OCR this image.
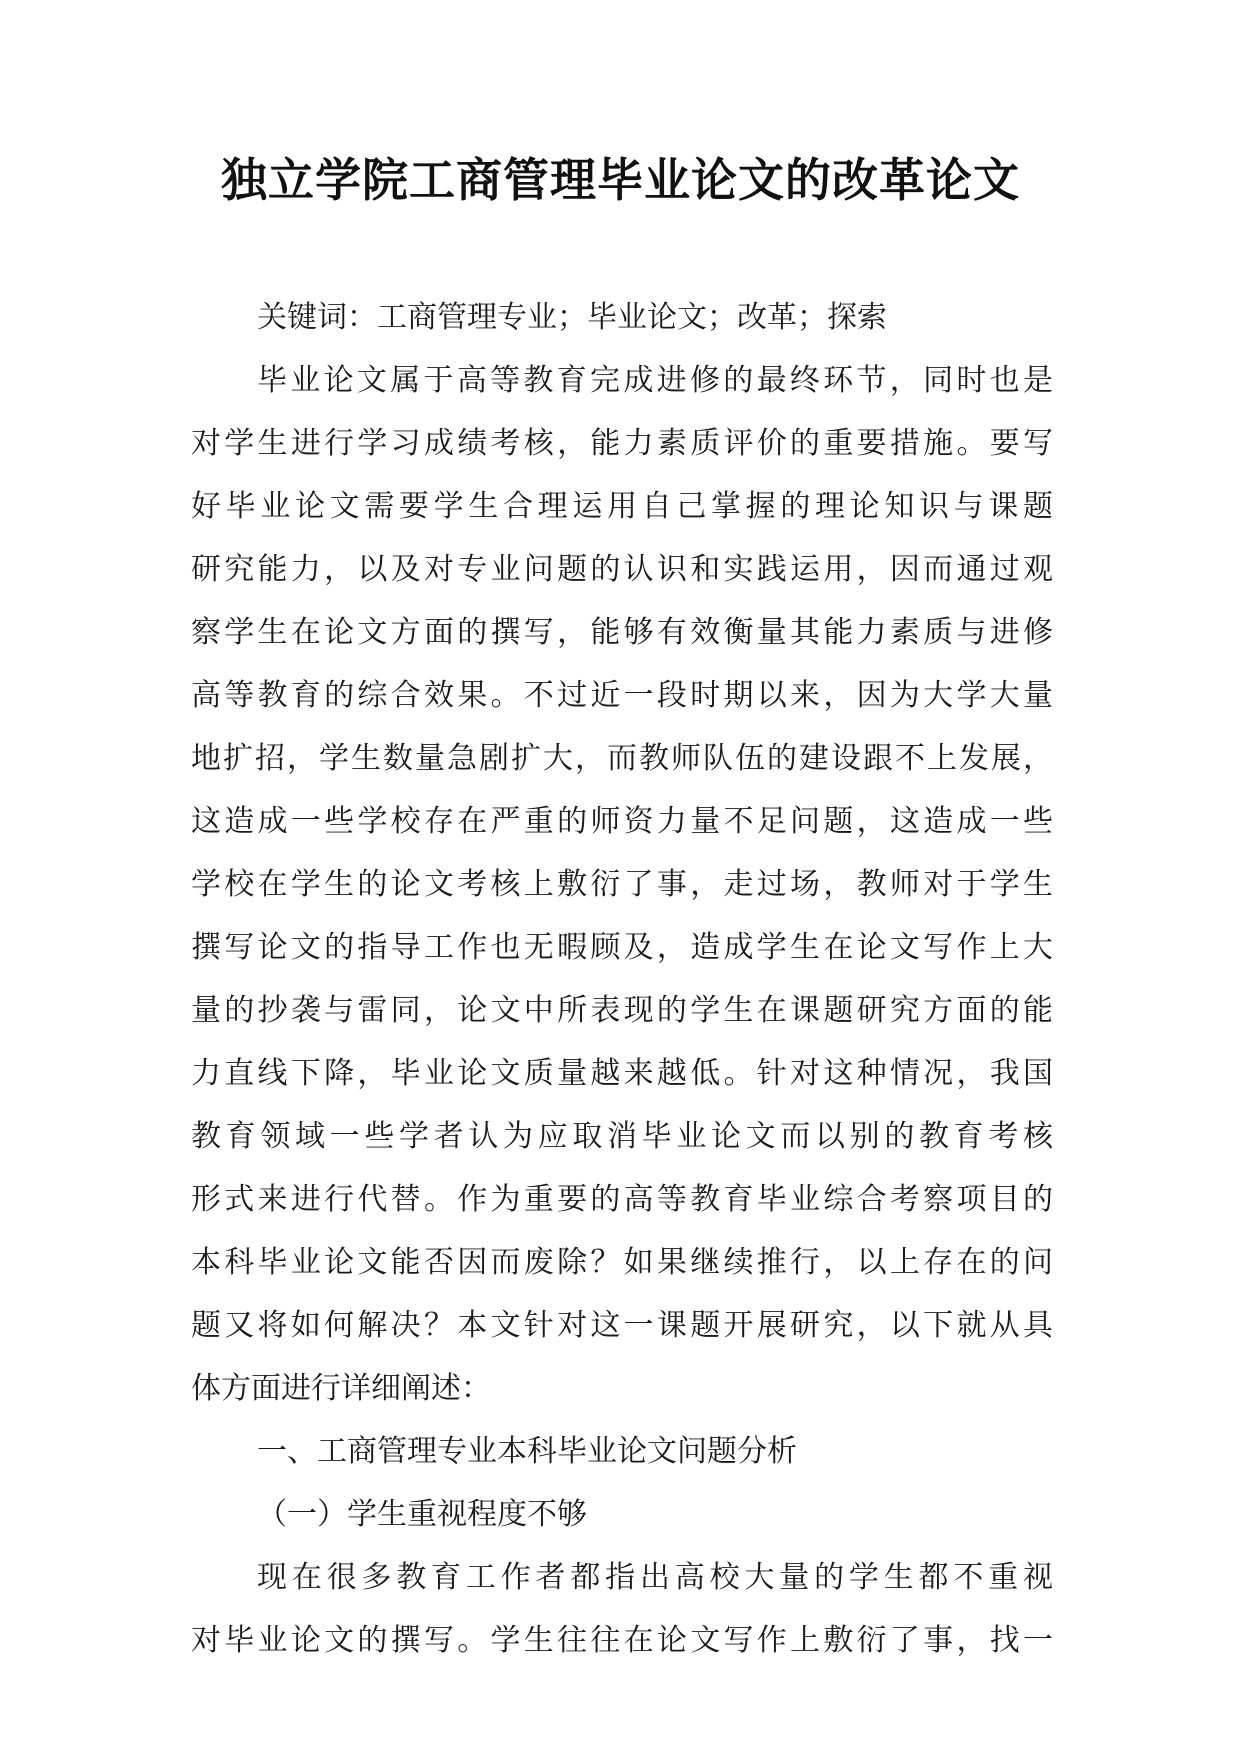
独立学院工商管理毕业论文的改革论文
关键词：工商管理专业；毕业论文；改革；探索
毕业论文属于高等教育完成进修的最终环节，同时也是
对学生进行学习成绩考核，能力素质评价的重要措施。要写
好毕业论文需要学生合理运用自己掌握的理论知识与课题
研究能力，以及对专业问题的认识和实践运用，因而通过观
察学生在论文方面的撰写，能够有效衡量其能力素质与进修
高等教育的综合效果。不过近一段时期以来，因为大学大量
地扩招，学生数量急剧扩大，而教师队伍的建设跟不上发展，
这造成一些学校存在严重的师资力量不足问题，这造成一些
学校在学生的论文考核上敷衍了事，走过场，教师对于学生
撰写论文的指导工作也无暇顾及，造成学生在论文写作上大
量的抄袭与雷同，论文中所表现的学生在课题研究方面的能
力直线下降，毕业论文质量越来越低。针对这种情况，我国
教育领域一些学者认为应取消毕业论文而以别的教育考核
形式来进行代替。作为重要的高等教育毕业综合考察项目的
本科毕业论文能否因而废除？如果继续推行，以上存在的问
题又将如何解决？本文针对这一课题开展研究，以下就从具
体方面进行详细阐述：
一、工商管理专业本科毕业论文问题分析
（一）学生重视程度不够
现在很多教育工作者都指出高校大量的学生都不重视
对毕业论文的撰写。学生往往在论文写作上敷衍了事，找一
